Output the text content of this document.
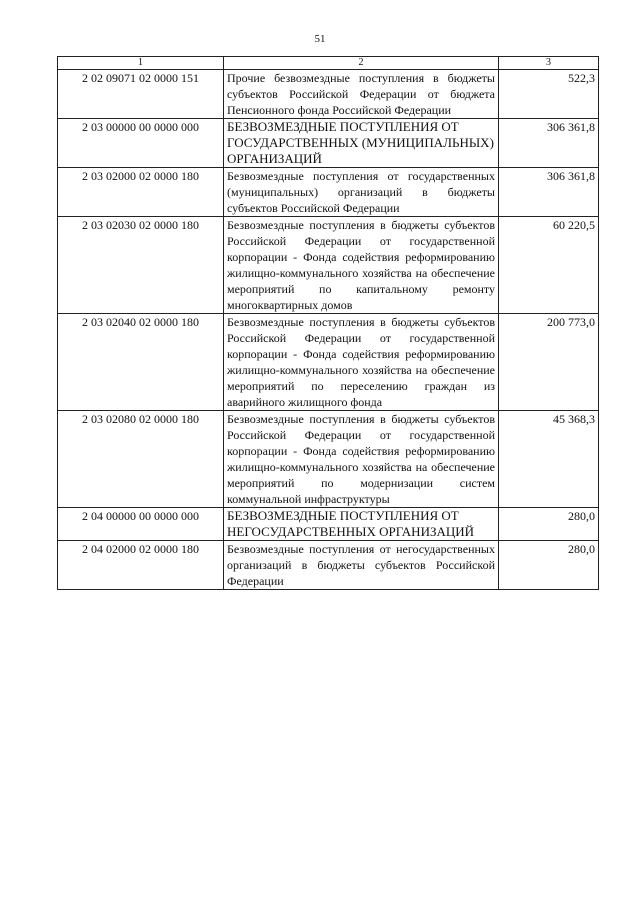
51
1	2	3
2 02 09071 02 0000 151	Прочие безвозмездные поступления в бюджеты субъектов Российской Федерации от бюджета Пенсионного фонда Российской Федерации	522,3
2 03 00000 00 0000 000	БЕЗВОЗМЕЗДНЫЕ ПОСТУПЛЕНИЯ ОТ ГОСУДАРСТВЕННЫХ (МУНИЦИПАЛЬНЫХ) ОРГАНИЗАЦИЙ	306 361,8
2 03 02000 02 0000 180	Безвозмездные поступления от государственных (муниципальных) организаций в бюджеты субъектов Российской Федерации	306 361,8
2 03 02030 02 0000 180	Безвозмездные поступления в бюджеты субъектов Российской Федерации от государственной корпорации - Фонда содействия реформированию жилищно-коммунального хозяйства на обеспечение мероприятий по капитальному ремонту многоквартирных домов	60 220,5
2 03 02040 02 0000 180	Безвозмездные поступления в бюджеты субъектов Российской Федерации от государственной корпорации - Фонда содействия реформированию жилищно-коммунального хозяйства на обеспечение мероприятий по переселению граждан из аварийного жилищного фонда	200 773,0
2 03 02080 02 0000 180	Безвозмездные поступления в бюджеты субъектов Российской Федерации от государственной корпорации - Фонда содействия реформированию жилищно-коммунального хозяйства на обеспечение мероприятий по модернизации систем коммунальной инфраструктуры	45 368,3
2 04 00000 00 0000 000	БЕЗВОЗМЕЗДНЫЕ ПОСТУПЛЕНИЯ ОТ НЕГОСУДАРСТВЕННЫХ ОРГАНИЗАЦИЙ	280,0
2 04 02000 02 0000 180	Безвозмездные поступления от негосударственных организаций в бюджеты субъектов Российской Федерации	280,0
